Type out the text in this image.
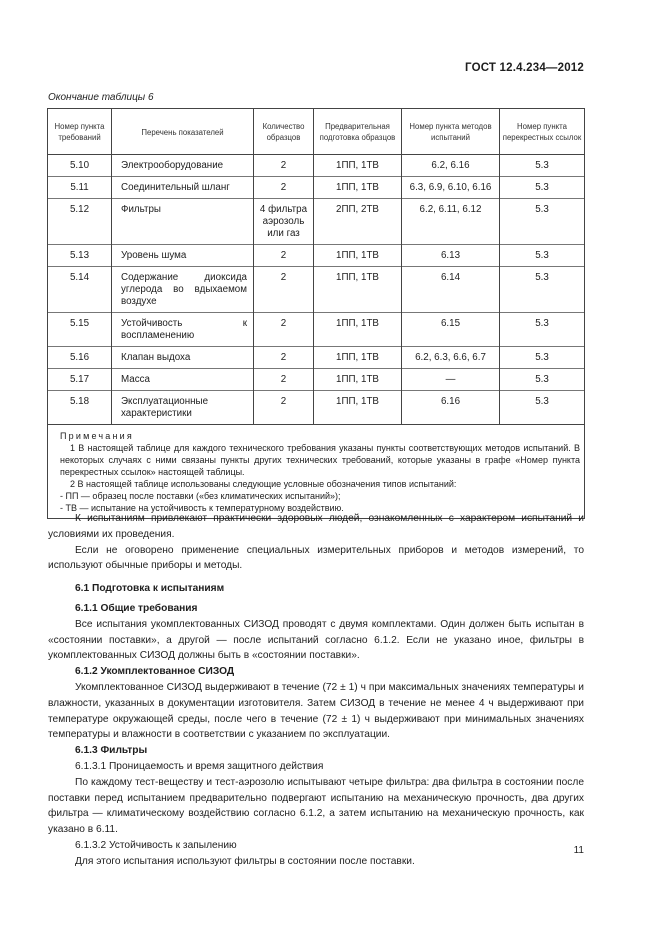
ГОСТ 12.4.234—2012
Окончание таблицы 6
Номер пункта требований	Перечень показателей	Количество образцов	Предварительная подготовка образцов	Номер пункта методов испытаний	Номер пункта перекрестных ссылок
5.10	Электрооборудование	2	1ПП, 1ТВ	6.2, 6.16	5.3
5.11	Соединительный шланг	2	1ПП, 1ТВ	6.3, 6.9, 6.10, 6.16	5.3
5.12	Фильтры	4 фильтра аэрозоль или газ	2ПП, 2ТВ	6.2, 6.11, 6.12	5.3
5.13	Уровень шума	2	1ПП, 1ТВ	6.13	5.3
5.14	Содержание диоксида углерода во вдыхаемом воздухе	2	1ПП, 1ТВ	6.14	5.3
5.15	Устойчивость к воспламенению	2	1ПП, 1ТВ	6.15	5.3
5.16	Клапан выдоха	2	1ПП, 1ТВ	6.2, 6.3, 6.6, 6.7	5.3
5.17	Масса	2	1ПП, 1ТВ	—	5.3
5.18	Эксплуатационные характеристики	2	1ПП, 1ТВ	6.16	5.3

Примечания
1 В настоящей таблице для каждого технического требования указаны пункты соответствующих методов испытаний. В некоторых случаях с ними связаны пункты других технических требований, которые указаны в графе «Номер пункта перекрестных ссылок» настоящей таблицы.
2 В настоящей таблице использованы следующие условные обозначения типов испытаний:
- ПП — образец после поставки («без климатических испытаний»);
- ТВ — испытание на устойчивость к температурному воздействию.					

К испытаниям привлекают практически здоровых людей, ознакомленных с характером испытаний и условиями их проведения.

Если не оговорено применение специальных измерительных приборов и методов измерений, то используют обычные приборы и методы.

6.1 Подготовка к испытаниям

6.1.1 Общие требования

Все испытания укомплектованных СИЗОД проводят с двумя комплектами. Один должен быть испытан в «состоянии поставки», а другой — после испытаний согласно 6.1.2. Если не указано иное, фильтры в укомплектованных СИЗОД должны быть в «состоянии поставки».

6.1.2 Укомплектованное СИЗОД

Укомплектованное СИЗОД выдерживают в течение (72 ± 1) ч при максимальных значениях температуры и влажности, указанных в документации изготовителя. Затем СИЗОД в течение не менее 4 ч выдерживают при температуре окружающей среды, после чего в течение (72 ± 1) ч выдерживают при минимальных значениях температуры и влажности в соответствии с указанием по эксплуатации.

6.1.3 Фильтры

6.1.3.1 Проницаемость и время защитного действия

По каждому тест-веществу и тест-аэрозолю испытывают четыре фильтра: два фильтра в состоянии после поставки перед испытанием предварительно подвергают испытанию на механическую прочность, два других фильтра — климатическому воздействию согласно 6.1.2, а затем испытанию на механическую прочность, как указано в 6.11.

6.1.3.2 Устойчивость к запылению

Для этого испытания используют фильтры в состоянии после поставки.

11
